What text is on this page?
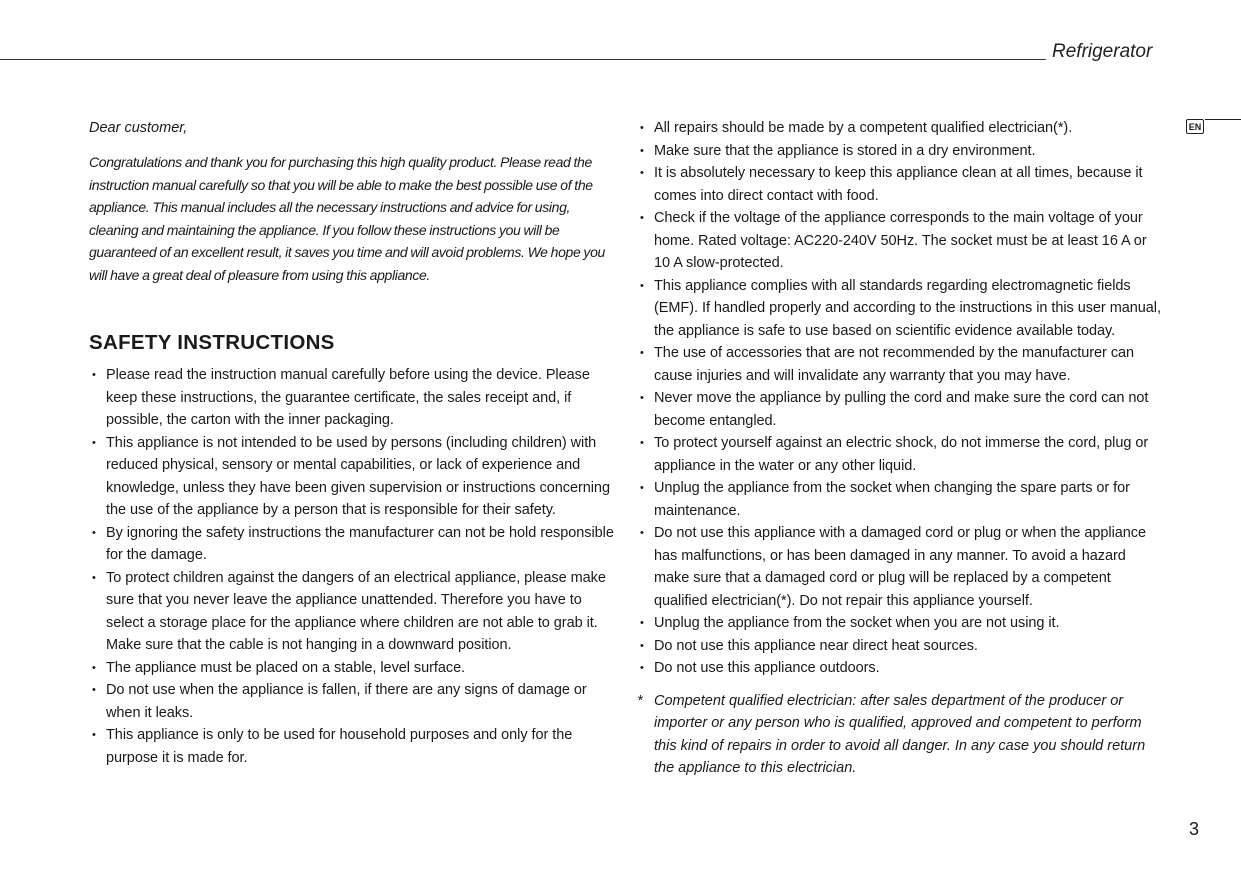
Refrigerator
EN

Dear customer,

Congratulations and thank you for purchasing this high quality product. Please read the instruction manual carefully so that you will be able to make the best possible use of the appliance. This manual includes all the necessary instructions and advice for using, cleaning and maintaining the appliance. If you follow these instructions you will be guaranteed of an excellent result, it saves you time and will avoid problems. We hope you will have a great deal of pleasure from using this appliance.

SAFETY INSTRUCTIONS
• Please read the instruction manual carefully before using the device. Please keep these instructions, the guarantee certificate, the sales receipt and, if possible, the carton with the inner packaging.
• This appliance is not intended to be used by persons (including children) with reduced physical, sensory or mental capabilities, or lack of experience and knowledge, unless they have been given supervision or instructions concerning the use of the appliance by a person that is responsible for their safety.
• By ignoring the safety instructions the manufacturer can not be hold responsible for the damage.
• To protect children against the dangers of an electrical appliance, please make sure that you never leave the appliance unattended. Therefore you have to select a storage place for the appliance where children are not able to grab it. Make sure that the cable is not hanging in a downward position.
• The appliance must be placed on a stable, level surface.
• Do not use when the appliance is fallen, if there are any signs of damage or when it leaks.
• This appliance is only to be used for household purposes and only for the purpose it is made for.
• All repairs should be made by a competent qualified electrician(*).
• Make sure that the appliance is stored in a dry environment.
• It is absolutely necessary to keep this appliance clean at all times, because it comes into direct contact with food.
• Check if the voltage of the appliance corresponds to the main voltage of your home. Rated voltage: AC220-240V 50Hz. The socket must be at least 16 A or 10 A slow-protected.
• This appliance complies with all standards regarding electromagnetic fields (EMF). If handled properly and according to the instructions in this user manual, the appliance is safe to use based on scientific evidence available today.
• The use of accessories that are not recommended by the manufacturer can cause injuries and will invalidate any warranty that you may have.
• Never move the appliance by pulling the cord and make sure the cord can not become entangled.
• To protect yourself against an electric shock, do not immerse the cord, plug or appliance in the water or any other liquid.
• Unplug the appliance from the socket when changing the spare parts or for maintenance.
• Do not use this appliance with a damaged cord or plug or when the appliance has malfunctions, or has been damaged in any manner. To avoid a hazard make sure that a damaged cord or plug will be replaced by a competent qualified electrician(*). Do not repair this appliance yourself.
• Unplug the appliance from the socket when you are not using it.
• Do not use this appliance near direct heat sources.
• Do not use this appliance outdoors.
* Competent qualified electrician: after sales department of the producer or importer or any person who is qualified, approved and competent to perform this kind of repairs in order to avoid all danger. In any case you should return the appliance to this electrician.
3
